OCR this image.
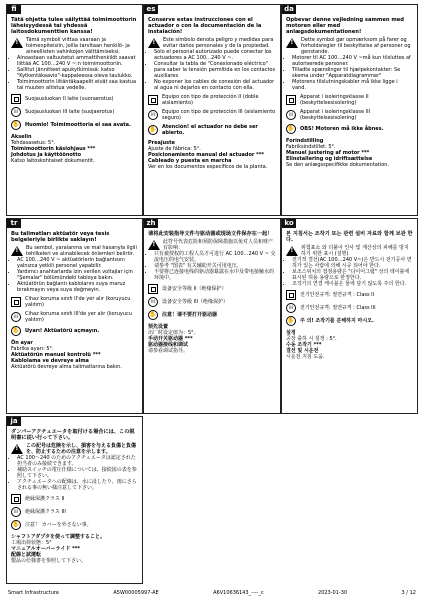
fi
Tätä ohjetta tulee säilyttää toimimoottorin läheisyydessä tai yhdessä laitosdokumenttien kanssa!
!
Tämä symboli viittaa vaaraan ja toimenpiteisiin, joilla tarvitaan henkilö- ja aineellisten vahinkojen välttämiseksi.
• Ainoastaan valtuutetut ammattihenkilöt saavat liittää AC 100…240 V ~:n toimimoottoriin.
• Sallitut jännitteet apukytkimissä: katso "Kytkentäkaavio"-kappaleessa oleva taulukko.
• Toimimoottorin liitäntäkaapelit eivät saa kastua tai muuten altistua vedelle.
Suojausluokan II laite (suoraerotus)
III	Suojausluokan III laite (suojaerotus)
✋ Huomio! Toimimoottoria ei saa avata.
Akselin
Tehdasasetus: 5°.
Toimimoottorin käsiohjaus ***
Johdotus ja käyttöönotto
Katso laitoskohtaiset dokumentit.
es
Conserve estas instrucciones con el actuador o con la documentación de la instalación!
!
Este símbolo denota peligro y medidas para evitar daños personales y de la propiedad.
• Sólo el personal autorizado puede conectar los actuadores a AC 100…240 V ~.
• Consultar la tabla de "Conexionado eléctrico" para saber la tensión permitida en los contactos auxiliares
• No exponer los cables de conexión del actuador al agua ni dejarlos en contacto con ella.
Equipo con tipo de protección II (doble aislamiento)
III	Equipo con tipo de protección III (aislamiento seguro)
✋ Atención! el actuador no debe ser abierto.
Preajuste
Ajuste de fábrica: 5°.
Posicionamiento manual del actuador ***
Cableado y puesta en marcha
Ver en los documentos específicos de la planta.
da
Opbevar denne vejledning sammen med motoren eller med anlægsdokumentationen!
!
Dette symbol gør opmærksom på farer og forholdsregler til beskyttelse af personer og genstande.
• Motorer til AC 100…240 V ~må kun tilsluttes af autoriserede personer.
• Tilladte spændinger til hjælpekontakter: Se skema under "Apparatdiagrammer"
• Motorens tilslutningskabler må ikke ligge i vand.
Apparat i isoleringsklasse II (beskyttelsesisolering)
III	Apparat i isoleringsklasse III (beskyttelsesisolering)
✋ OBS! Motoren må ikke åbnes.
Forindstilling
Fabriksindstillet: 5°.
Manuel justering af motor ***
Elinstallering og idriftsættelse
Se den anlægsspecifikke dokumentation.
tr
Bu talimatları aktüatör veya tesis belgeleriyle birlikte saklayın!
!
Bu sembol, yaralanma ve mal hasarıyla ilgili tehlikeleri ve alınabilecek önlemleri belirtir.
• AC 100…240 V ~ aktüatörlerin bağlantısını yalnızca yetkili personel yapabilir.
• Yardımcı anahtarlarda izin verilen voltajlar için "Şemalar" bölümündeki tabloya bakın.
• Aktüatörün bağlantı kablolarını suya maruz bırakmayın veya suya değmeyin.
Cihaz koruma sınıfı II'de yer alır (koruyucu yalıtım)
III	Cihaz koruma sınıfı III'de yer alır (koruyucu yalıtım)
✋ Uyarı! Aktüatörü açmayın.
Ön ayar
Fabrika ayarı: 5°.
Aktüatörün manuel kontrolü ***
Kablolama ve devreye alma
Aktüatörü devreye alma talimatlarına bakın.
zh
请将此安装指导文件与驱动器或现场文件保存在一起！
!
此符号代表危险和预防保障措施以免对人员和财产有影响：
• 只有被授权的工程人员才可进行 AC 100…240 V ~ 交流电压的电气安装。
• 请参考 "图表" 有关辅助开关可用电压。
• 不要将已连接电线的驱动器暴露在水中及带电接触水的环境中。
设备安全等级 II（绝缘保护）
III	设备安全等级 III（绝缘保护）
✋ 注意！请不要打开驱动器
预先设置
出厂时设定值为：5°。
手动开关驱动器 ***
驱动器接线和调试
请参看调试指导。
ko
본 지침서는 조작기 또는 관련 설비 자료와 함께 보관 한다.
!
위험표소 와 더불어 인사 및 재산상의 피해를 방지 하기 위한 표시 (설명)
• 전기적 결선(AC 100…240 V~)은 반드시 전기공사 면허가 있는 사람에 의해 시공 되어야 한다.
• 보조스위치의 접점용량은 "다이어그램" 상의 테이블에 표시된 허용 용량으로 한정한다.
• 조작기의 연결 케이블은 물에 담기 않도록 주의 한다.
전기안전규격: 절연규격 : Class II
III	전기안전규격: 절연규격 : Class III
✋ 주 의! 조작기를 분해하지 마시오.
설정
공장 출하 시 설정 : 5°.
수동 조작기 ***
결선 및 시운전
시운전 지침 도움.
ja
ダンパーアクチュエータを取付ける場合には、この説明書に従い行って下さい。
!
この記号は危険を示し、損害を与える負傷と負傷を、防止するための注意を示します。
• AC 100～240 のためのアクチュエータは認定された担当者のみ接続できます。
• 補助スイッチの電圧仕様については、接続図の表を参照して下さい。
• アクチュエータへの配線は、水に浸したり、雨にさらされる事の無い様注意して下さい。
絶縁保護クラス II
III	絶縁保護クラス III
✋ 注意！ カバーを外さない事。
シャフトアダプタを使って調整すること。
工場出荷状態：5°
マニュアルオーバーライド ***
配線と試運転
製品の仕様書を参照して下さい。
Smart Infrastructure	A5W00005997-AE	A6V10636143_----_c	2023-01-30	3 / 12
